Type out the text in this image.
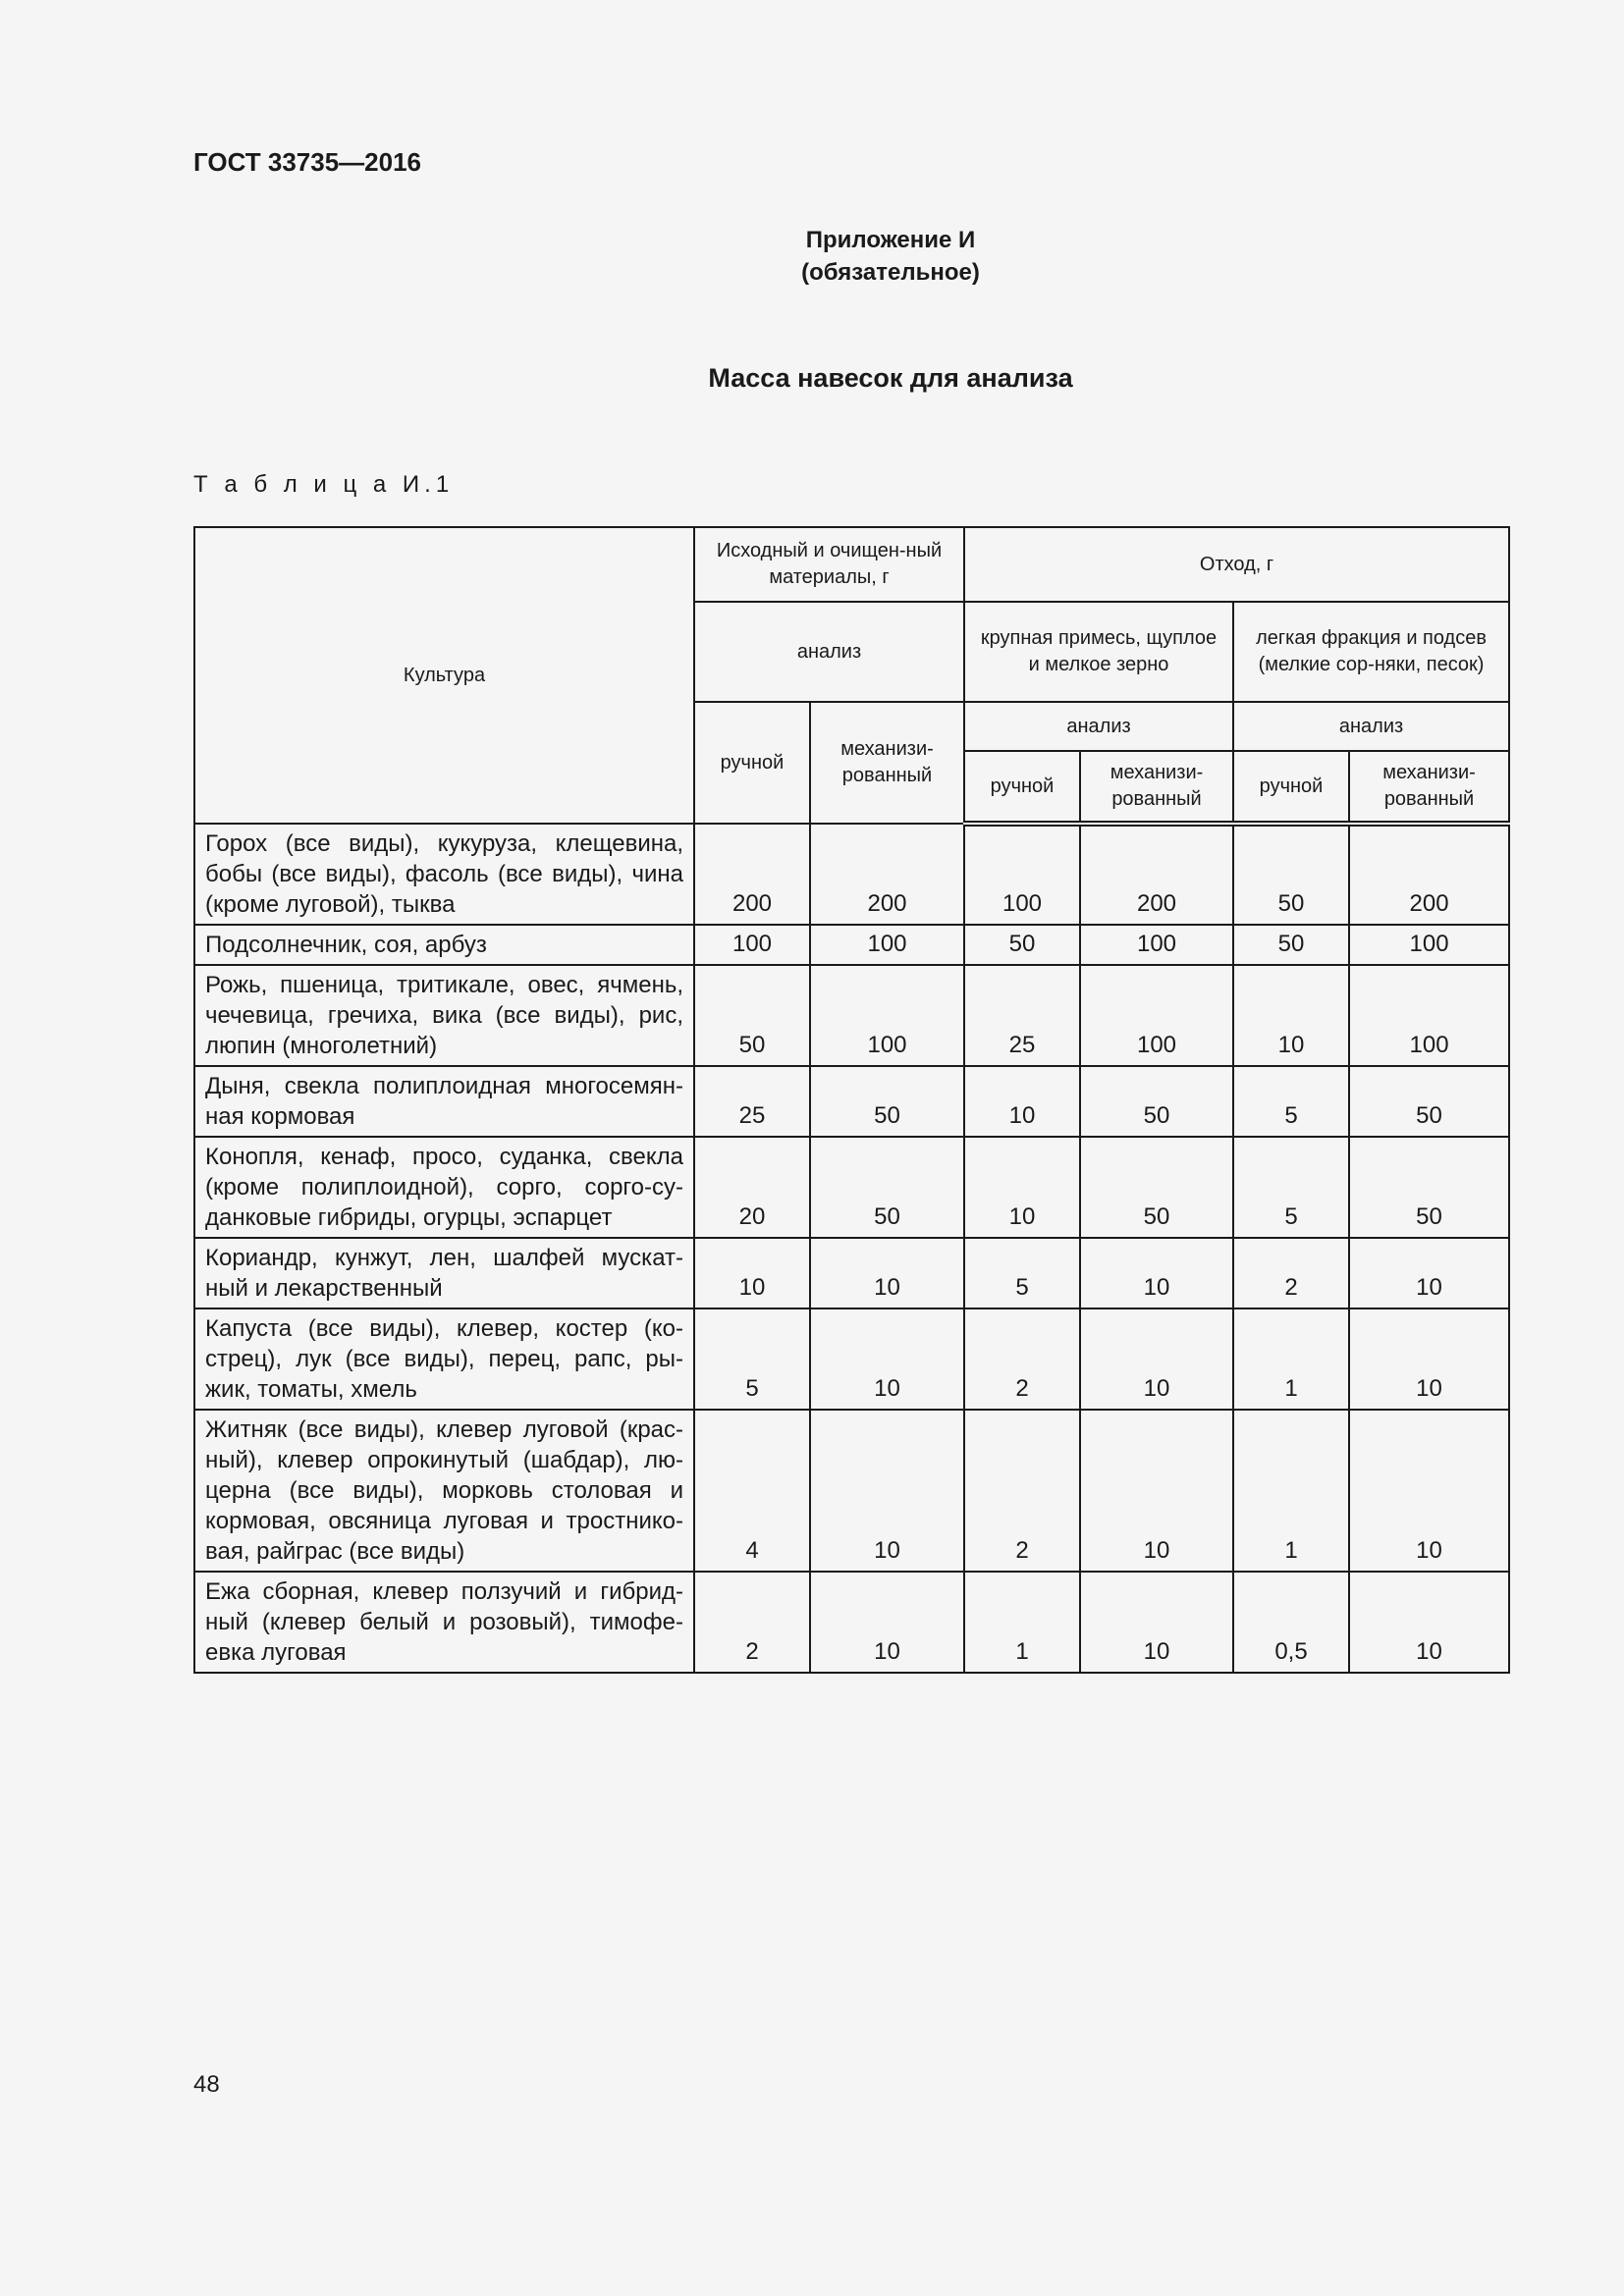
ГОСТ 33735—2016
Приложение И
(обязательное)
Масса навесок для анализа
Т а б л и ц а И.1
Культура	Исходный и очищен-ный материалы, г		Отход, г			
	анализ		крупная примесь, щуплое и мелкое зерно		легкая фракция и подсев (мелкие сор-няки, песок)	
	ручной	механизи-рованный	анализ		анализ	
			ручной	механизи-рованный	ручной	механизи-рованный
Горох (все виды), кукуруза, клещевина, бобы (все виды), фасоль (все виды), чина (кроме луговой), тыква	200	200	100	200	50	200
Подсолнечник, соя, арбуз	100	100	50	100	50	100
Рожь, пшеница, тритикале, овес, ячмень, чечевица, гречиха, вика (все виды), рис, люпин (многолетний)	50	100	25	100	10	100
Дыня, свекла полиплоидная многосемян-ная кормовая	25	50	10	50	5	50
Конопля, кенаф, просо, суданка, свекла (кроме полиплоидной), сорго, сорго-су-данковые гибриды, огурцы, эспарцет	20	50	10	50	5	50
Кориандр, кунжут, лен, шалфей мускат-ный и лекарственный	10	10	5	10	2	10
Капуста (все виды), клевер, костер (ко-стрец), лук (все виды), перец, рапс, ры-жик, томаты, хмель	5	10	2	10	1	10
Житняк (все виды), клевер луговой (крас-ный), клевер опрокинутый (шабдар), лю-церна (все виды), морковь столовая и кормовая, овсяница луговая и тростнико-вая, райграс (все виды)	4	10	2	10	1	10
Ежа сборная, клевер ползучий и гибрид-ный (клевер белый и розовый), тимофе-евка луговая	2	10	1	10	0,5	10
48
